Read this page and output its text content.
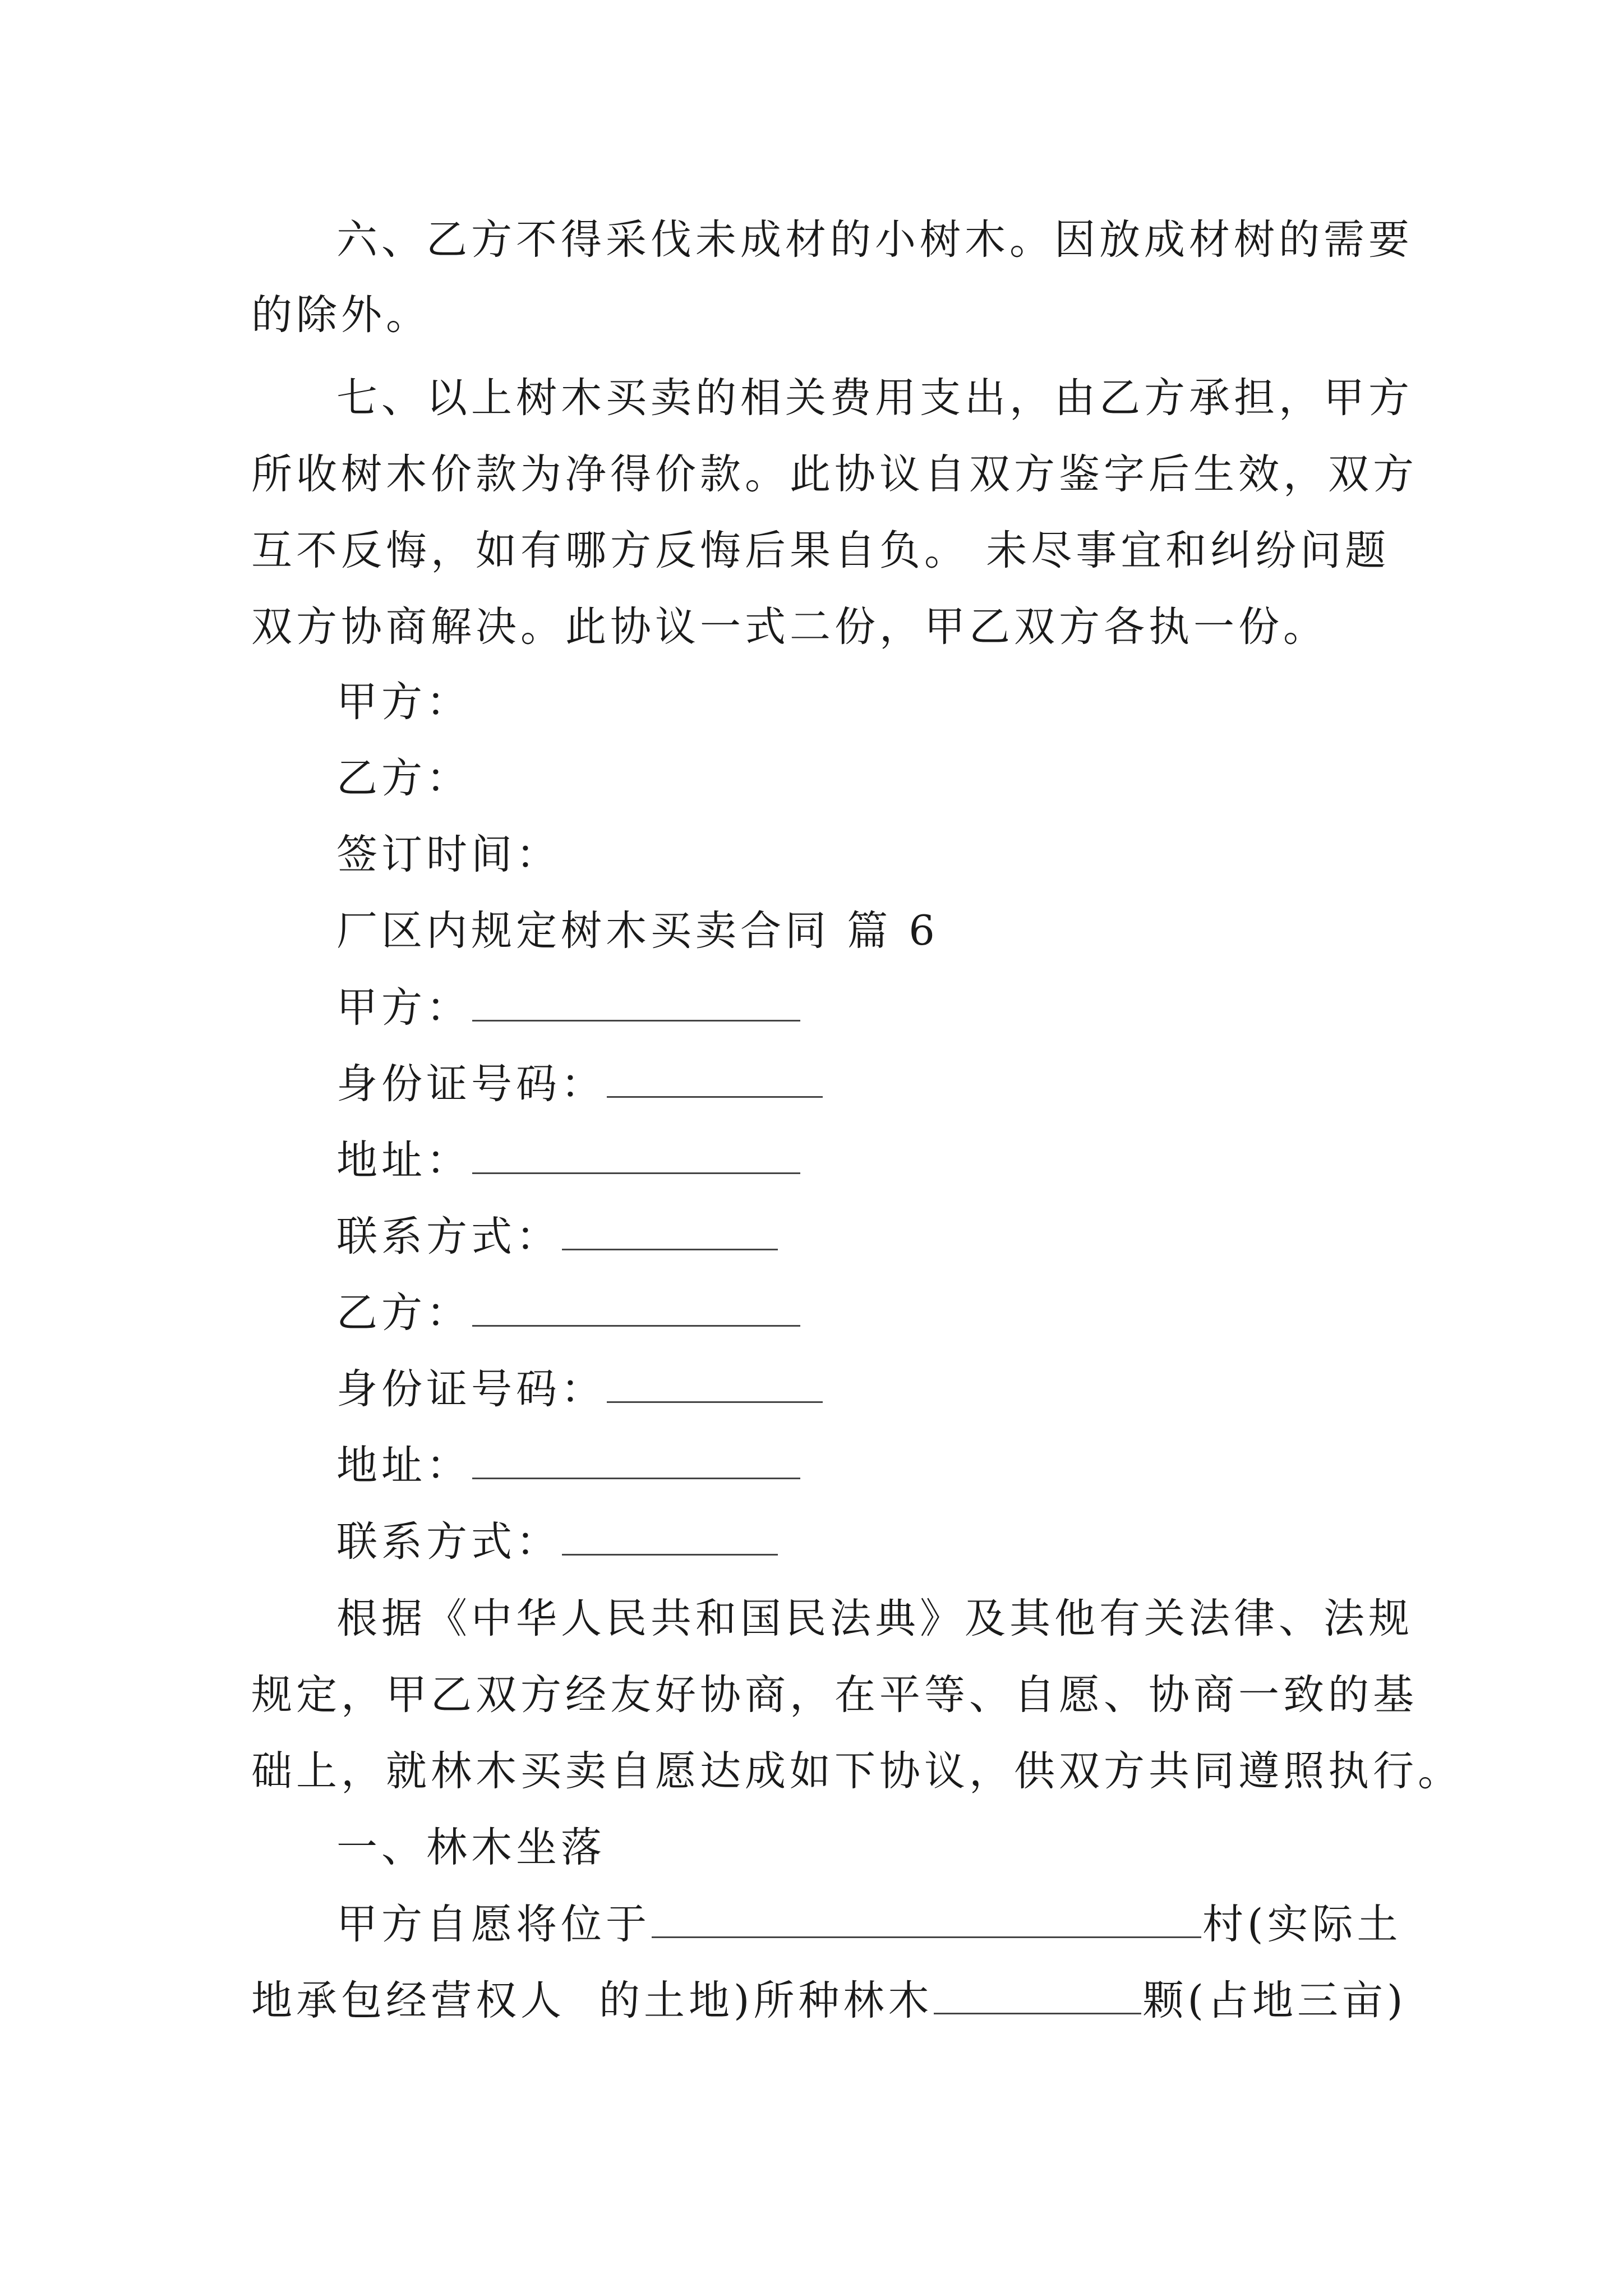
六、乙方不得采伐未成材的小树木。因放成材树的需要
的除外。
七、以上树木买卖的相关费用支出，由乙方承担，甲方
所收树木价款为净得价款。此协议自双方鉴字后生效，双方
互不反悔，如有哪方反悔后果自负。 未尽事宜和纠纷问题
双方协商解决。此协议一式二份，甲乙双方各执一份。
甲方：
乙方：
签订时间：
厂区内规定树木买卖合同 篇 6
甲方：
身份证号码：
地址：
联系方式：
乙方：
身份证号码：
地址：
联系方式：
根据《中华人民共和国民法典》及其他有关法律、法规
规定，甲乙双方经友好协商，在平等、自愿、协商一致的基
础上，就林木买卖自愿达成如下协议，供双方共同遵照执行。
一、林木坐落
甲方自愿将位于	村(实际土
地承包经营权人 的土地)所种林木	颗(占地三亩)
